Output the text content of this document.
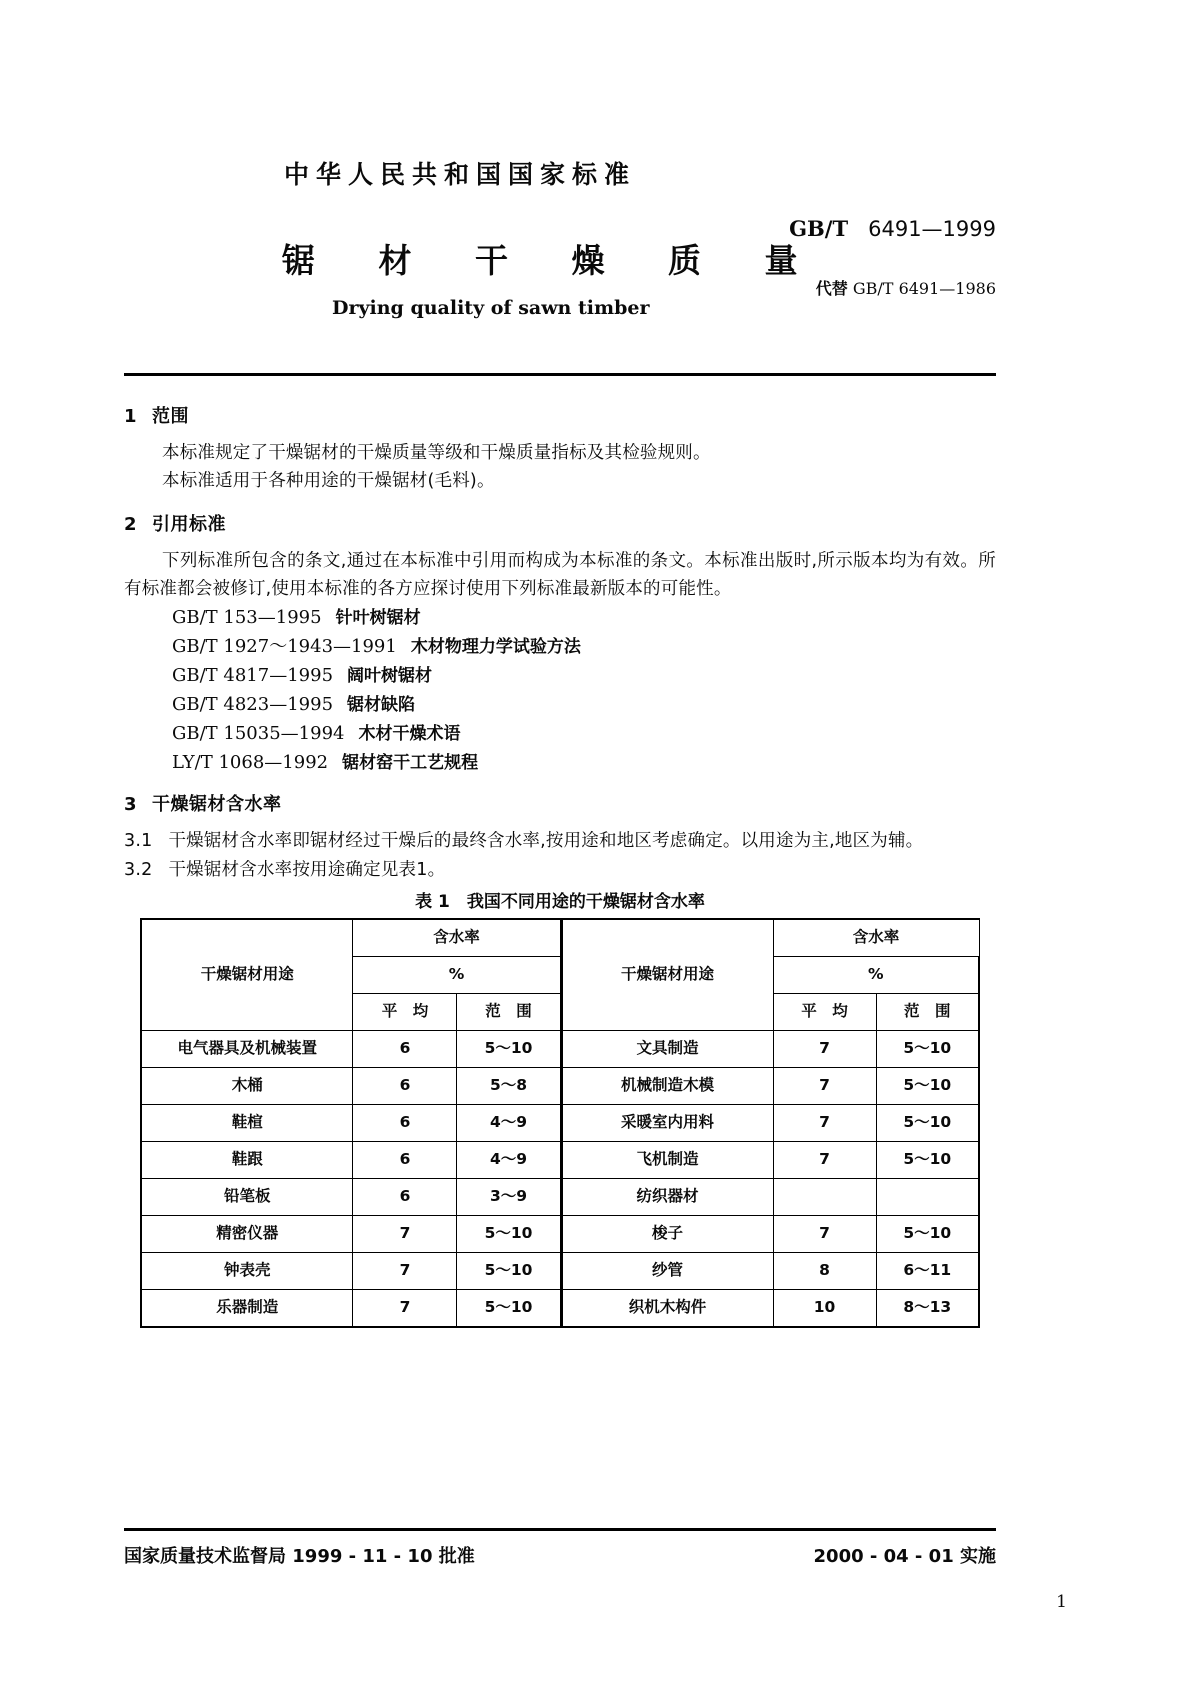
中华人民共和国国家标准
锯 材 干 燥 质 量
Drying quality of sawn timber
GB/T 6491—1999
代替 GB/T 6491—1986
1 范围
本标准规定了干燥锯材的干燥质量等级和干燥质量指标及其检验规则。
本标准适用于各种用途的干燥锯材(毛料)。
2 引用标准
下列标准所包含的条文,通过在本标准中引用而构成为本标准的条文。本标准出版时,所示版本均为有效。所有标准都会被修订,使用本标准的各方应探讨使用下列标准最新版本的可能性。
GB/T 153—1995 针叶树锯材
GB/T 1927～1943—1991 木材物理力学试验方法
GB/T 4817—1995 阔叶树锯材
GB/T 4823—1995 锯材缺陷
GB/T 15035—1994 木材干燥术语
LY/T 1068—1992 锯材窑干工艺规程
3 干燥锯材含水率
3.1 干燥锯材含水率即锯材经过干燥后的最终含水率,按用途和地区考虑确定。以用途为主,地区为辅。
3.2 干燥锯材含水率按用途确定见表1。
表 1　我国不同用途的干燥锯材含水率
干燥锯材用途	含水率		干燥锯材用途	含水率	
	%			%	
	平　均	范　围		平　均	范　围
电气器具及机械装置	6	5～10	文具制造	7	5～10
木桶	6	5～8	机械制造木模	7	5～10
鞋楦	6	4～9	采暖室内用料	7	5～10
鞋跟	6	4～9	飞机制造	7	5～10
铅笔板	6	3～9	纺织器材		
精密仪器	7	5～10	梭子	7	5～10
钟表壳	7	5～10	纱管	8	6～11
乐器制造	7	5～10	织机木构件	10	8～13
国家质量技术监督局 1999 - 11 - 10 批准	2000 - 04 - 01 实施
1
